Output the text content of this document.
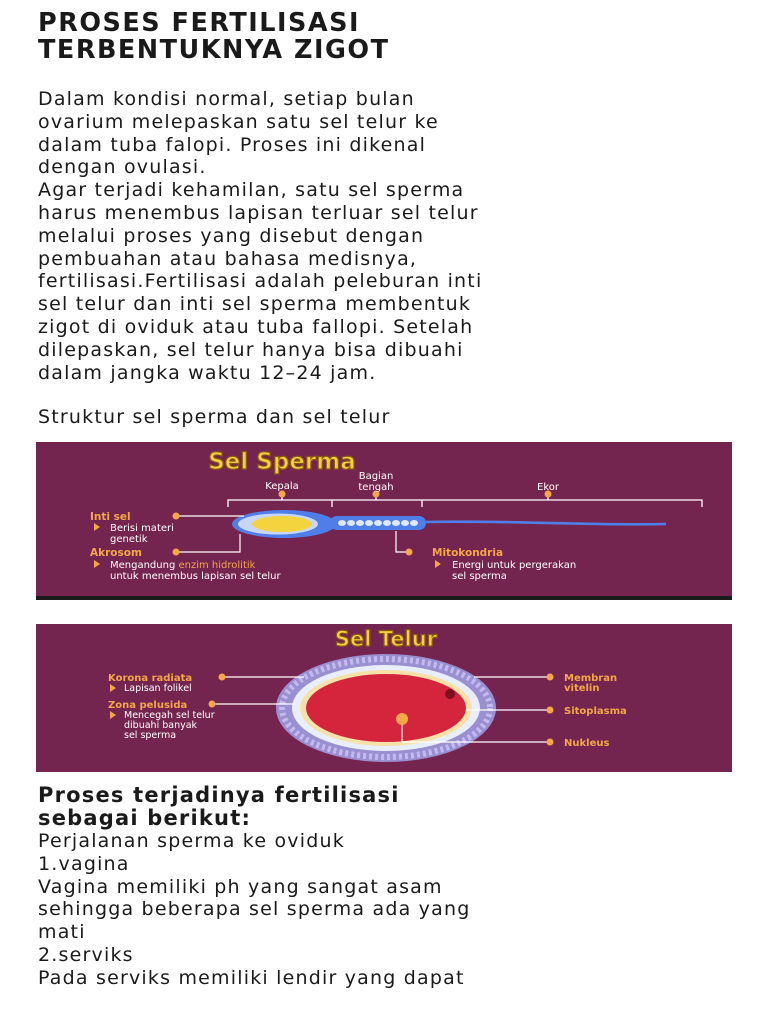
PROSES FERTILISASI
TERBENTUKNYA ZIGOT
Dalam kondisi normal, setiap bulan
ovarium melepaskan satu sel telur ke
dalam tuba falopi. Proses ini dikenal
dengan ovulasi.
Agar terjadi kehamilan, satu sel sperma
harus menembus lapisan terluar sel telur
melalui proses yang disebut dengan
pembuahan atau bahasa medisnya,
fertilisasi.Fertilisasi adalah peleburan inti
sel telur dan inti sel sperma membentuk
zigot di oviduk atau tuba fallopi. Setelah
dilepaskan, sel telur hanya bisa dibuahi
dalam jangka waktu 12–24 jam.
Struktur sel sperma dan sel telur
Sel Sperma
Kepala
Bagian
tengah	Ekor
Inti sel
Berisi materi
genetik
Akrosom
Mengandung enzim hidrolitik
untuk menembus lapisan sel telur
Mitokondria
Energi untuk pergerakan
sel sperma
Sel Telur
Korona radiata
Lapisan folikel
Zona pelusida
Mencegah sel telur
dibuahi banyak
sel sperma
Membran
vitelin
Sitoplasma
Nukleus
Proses terjadinya fertilisasi
sebagai berikut:
Perjalanan sperma ke oviduk
1.vagina
Vagina memiliki ph yang sangat asam
sehingga beberapa sel sperma ada yang
mati
2.serviks
Pada serviks memiliki lendir yang dapat
